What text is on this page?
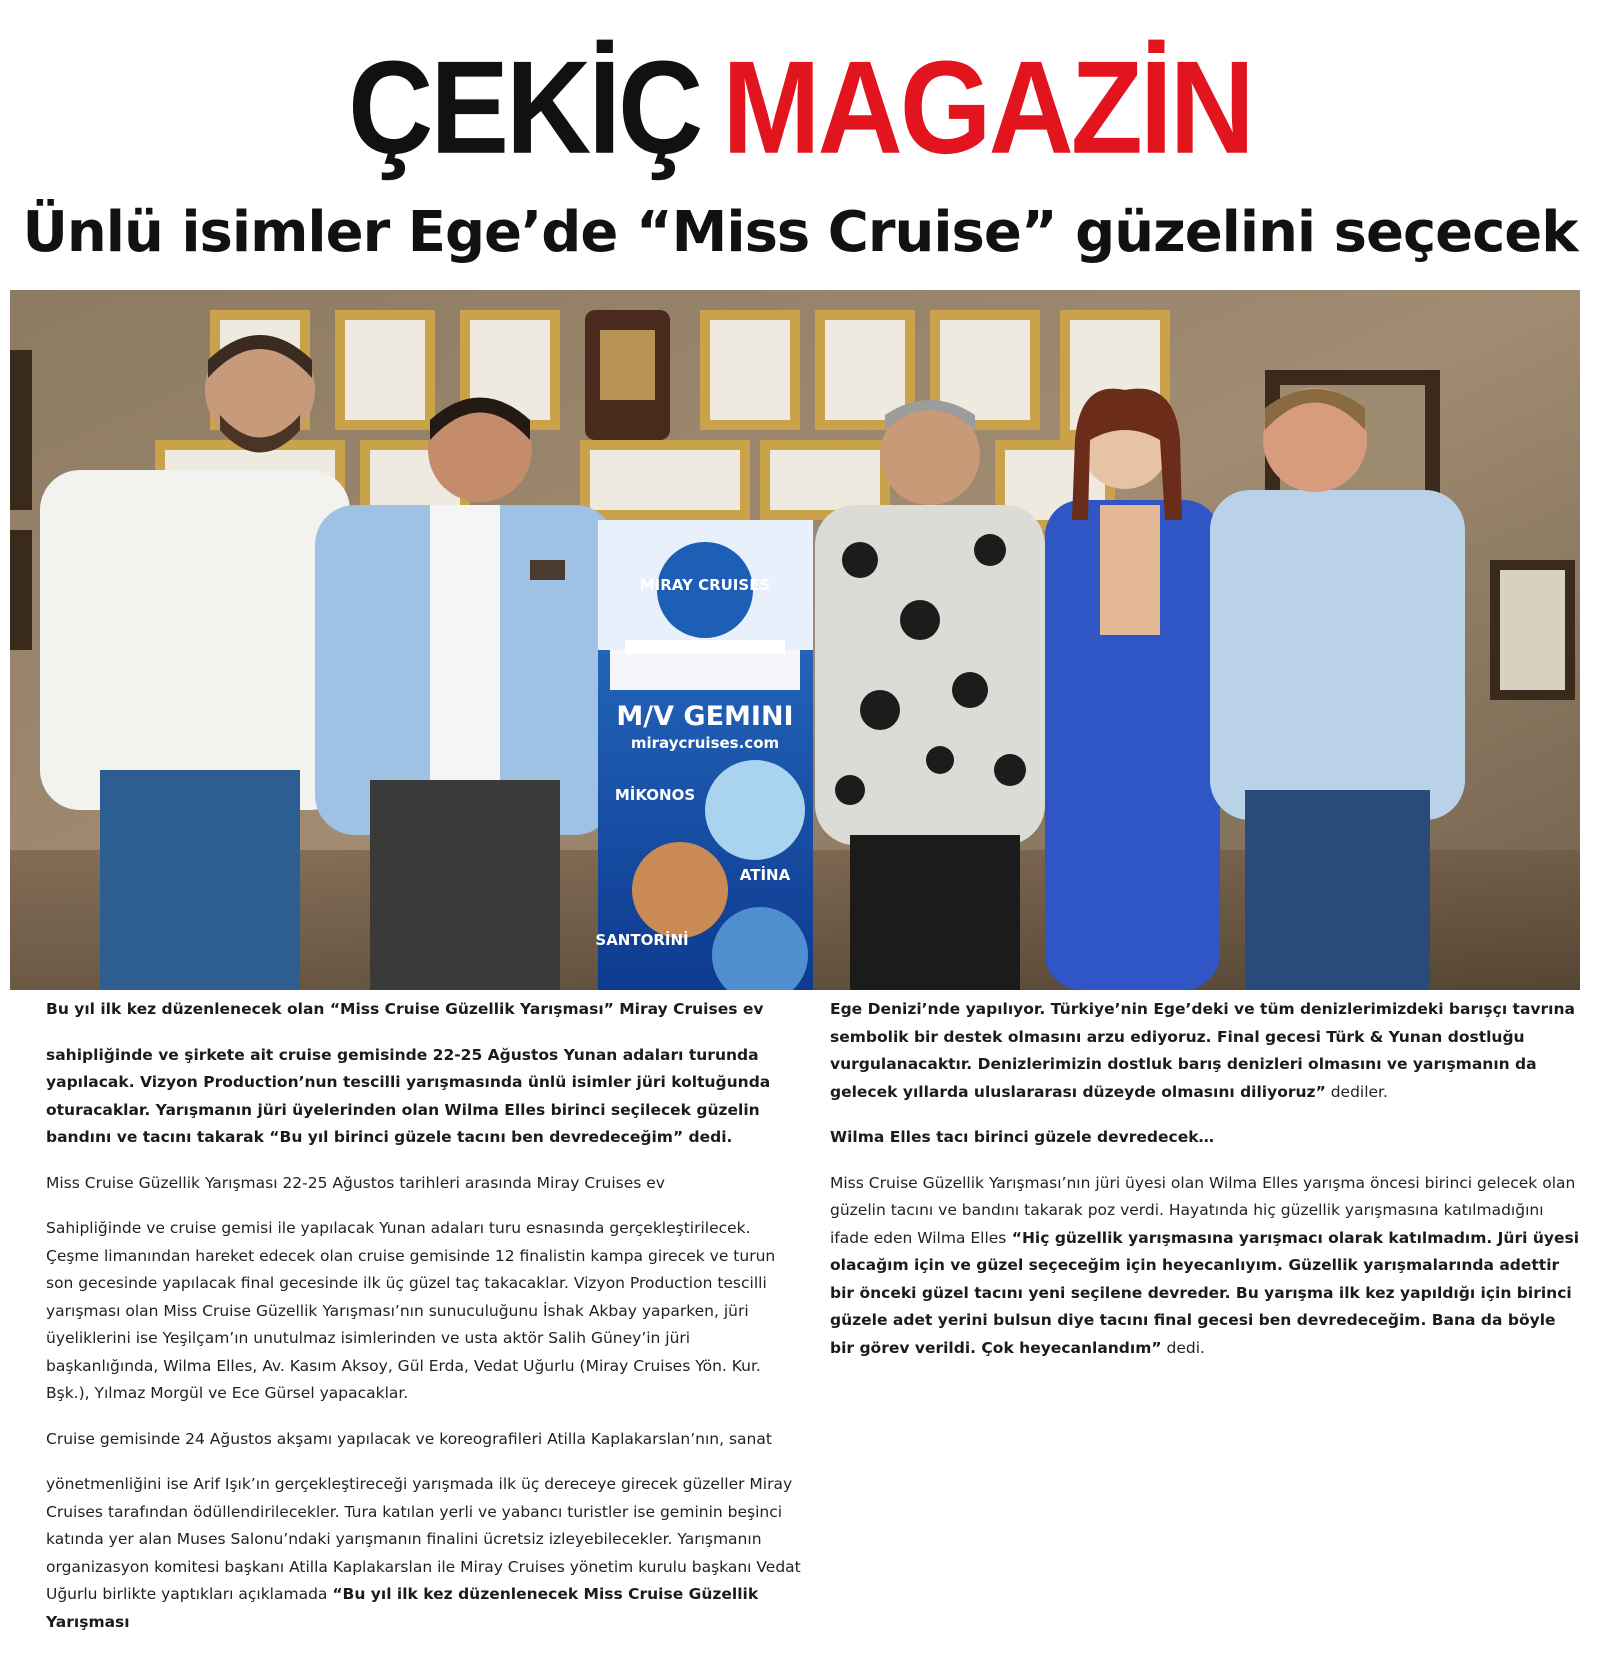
ÇEKİÇ MAGAZİN
Ünlü isimler Ege’de “Miss Cruise” güzelini seçecek
MIRAY CRUISES
M/V GEMINI
miraycruises.com
MİKONOS
ATİNA
SANTORİNİ

Bu yıl ilk kez düzenlenecek olan “Miss Cruise Güzellik Yarışması” Miray Cruises ev

sahipliğinde ve şirkete ait cruise gemisinde 22-25 Ağustos Yunan adaları turunda yapılacak. Vizyon Production’nun tescilli yarışmasında ünlü isimler jüri koltuğunda oturacaklar. Yarışmanın jüri üyelerinden olan Wilma Elles birinci seçilecek güzelin bandını ve tacını takarak “Bu yıl birinci güzele tacını ben devredeceğim” dedi.

Miss Cruise Güzellik Yarışması 22-25 Ağustos tarihleri arasında Miray Cruises ev

Sahipliğinde ve cruise gemisi ile yapılacak Yunan adaları turu esnasında gerçekleştirilecek. Çeşme limanından hareket edecek olan cruise gemisinde 12 finalistin kampa girecek ve turun son gecesinde yapılacak final gecesinde ilk üç güzel taç takacaklar. Vizyon Production tescilli yarışması olan Miss Cruise Güzellik Yarışması’nın sunuculuğunu İshak Akbay yaparken, jüri üyeliklerini ise Yeşilçam’ın unutulmaz isimlerinden ve usta aktör Salih Güney’in jüri başkanlığında, Wilma Elles, Av. Kasım Aksoy, Gül Erda, Vedat Uğurlu (Miray Cruises Yön. Kur. Bşk.), Yılmaz Morgül ve Ece Gürsel yapacaklar.

Cruise gemisinde 24 Ağustos akşamı yapılacak ve koreografileri Atilla Kaplakarslan’nın, sanat

yönetmenliğini ise Arif Işık’ın gerçekleştireceği yarışmada ilk üç dereceye girecek güzeller Miray Cruises tarafından ödüllendirilecekler. Tura katılan yerli ve yabancı turistler ise geminin beşinci katında yer alan Muses Salonu’ndaki yarışmanın finalini ücretsiz izleyebilecekler. Yarışmanın organizasyon komitesi başkanı Atilla Kaplakarslan ile Miray Cruises yönetim kurulu başkanı Vedat Uğurlu birlikte yaptıkları açıklamada “Bu yıl ilk kez düzenlenecek Miss Cruise Güzellik Yarışması

Ege Denizi’nde yapılıyor. Türkiye’nin Ege’deki ve tüm denizlerimizdeki barışçı tavrına sembolik bir destek olmasını arzu ediyoruz. Final gecesi Türk & Yunan dostluğu vurgulanacaktır. Denizlerimizin dostluk barış denizleri olmasını ve yarışmanın da gelecek yıllarda uluslararası düzeyde olmasını diliyoruz” dediler.

Wilma Elles tacı birinci güzele devredecek…

Miss Cruise Güzellik Yarışması’nın jüri üyesi olan Wilma Elles yarışma öncesi birinci gelecek olan güzelin tacını ve bandını takarak poz verdi. Hayatında hiç güzellik yarışmasına katılmadığını ifade eden Wilma Elles “Hiç güzellik yarışmasına yarışmacı olarak katılmadım. Jüri üyesi olacağım için ve güzel seçeceğim için heyecanlıyım. Güzellik yarışmalarında adettir bir önceki güzel tacını yeni seçilene devreder. Bu yarışma ilk kez yapıldığı için birinci güzele adet yerini bulsun diye tacını final gecesi ben devredeceğim. Bana da böyle bir görev verildi. Çok heyecanlandım” dedi.
